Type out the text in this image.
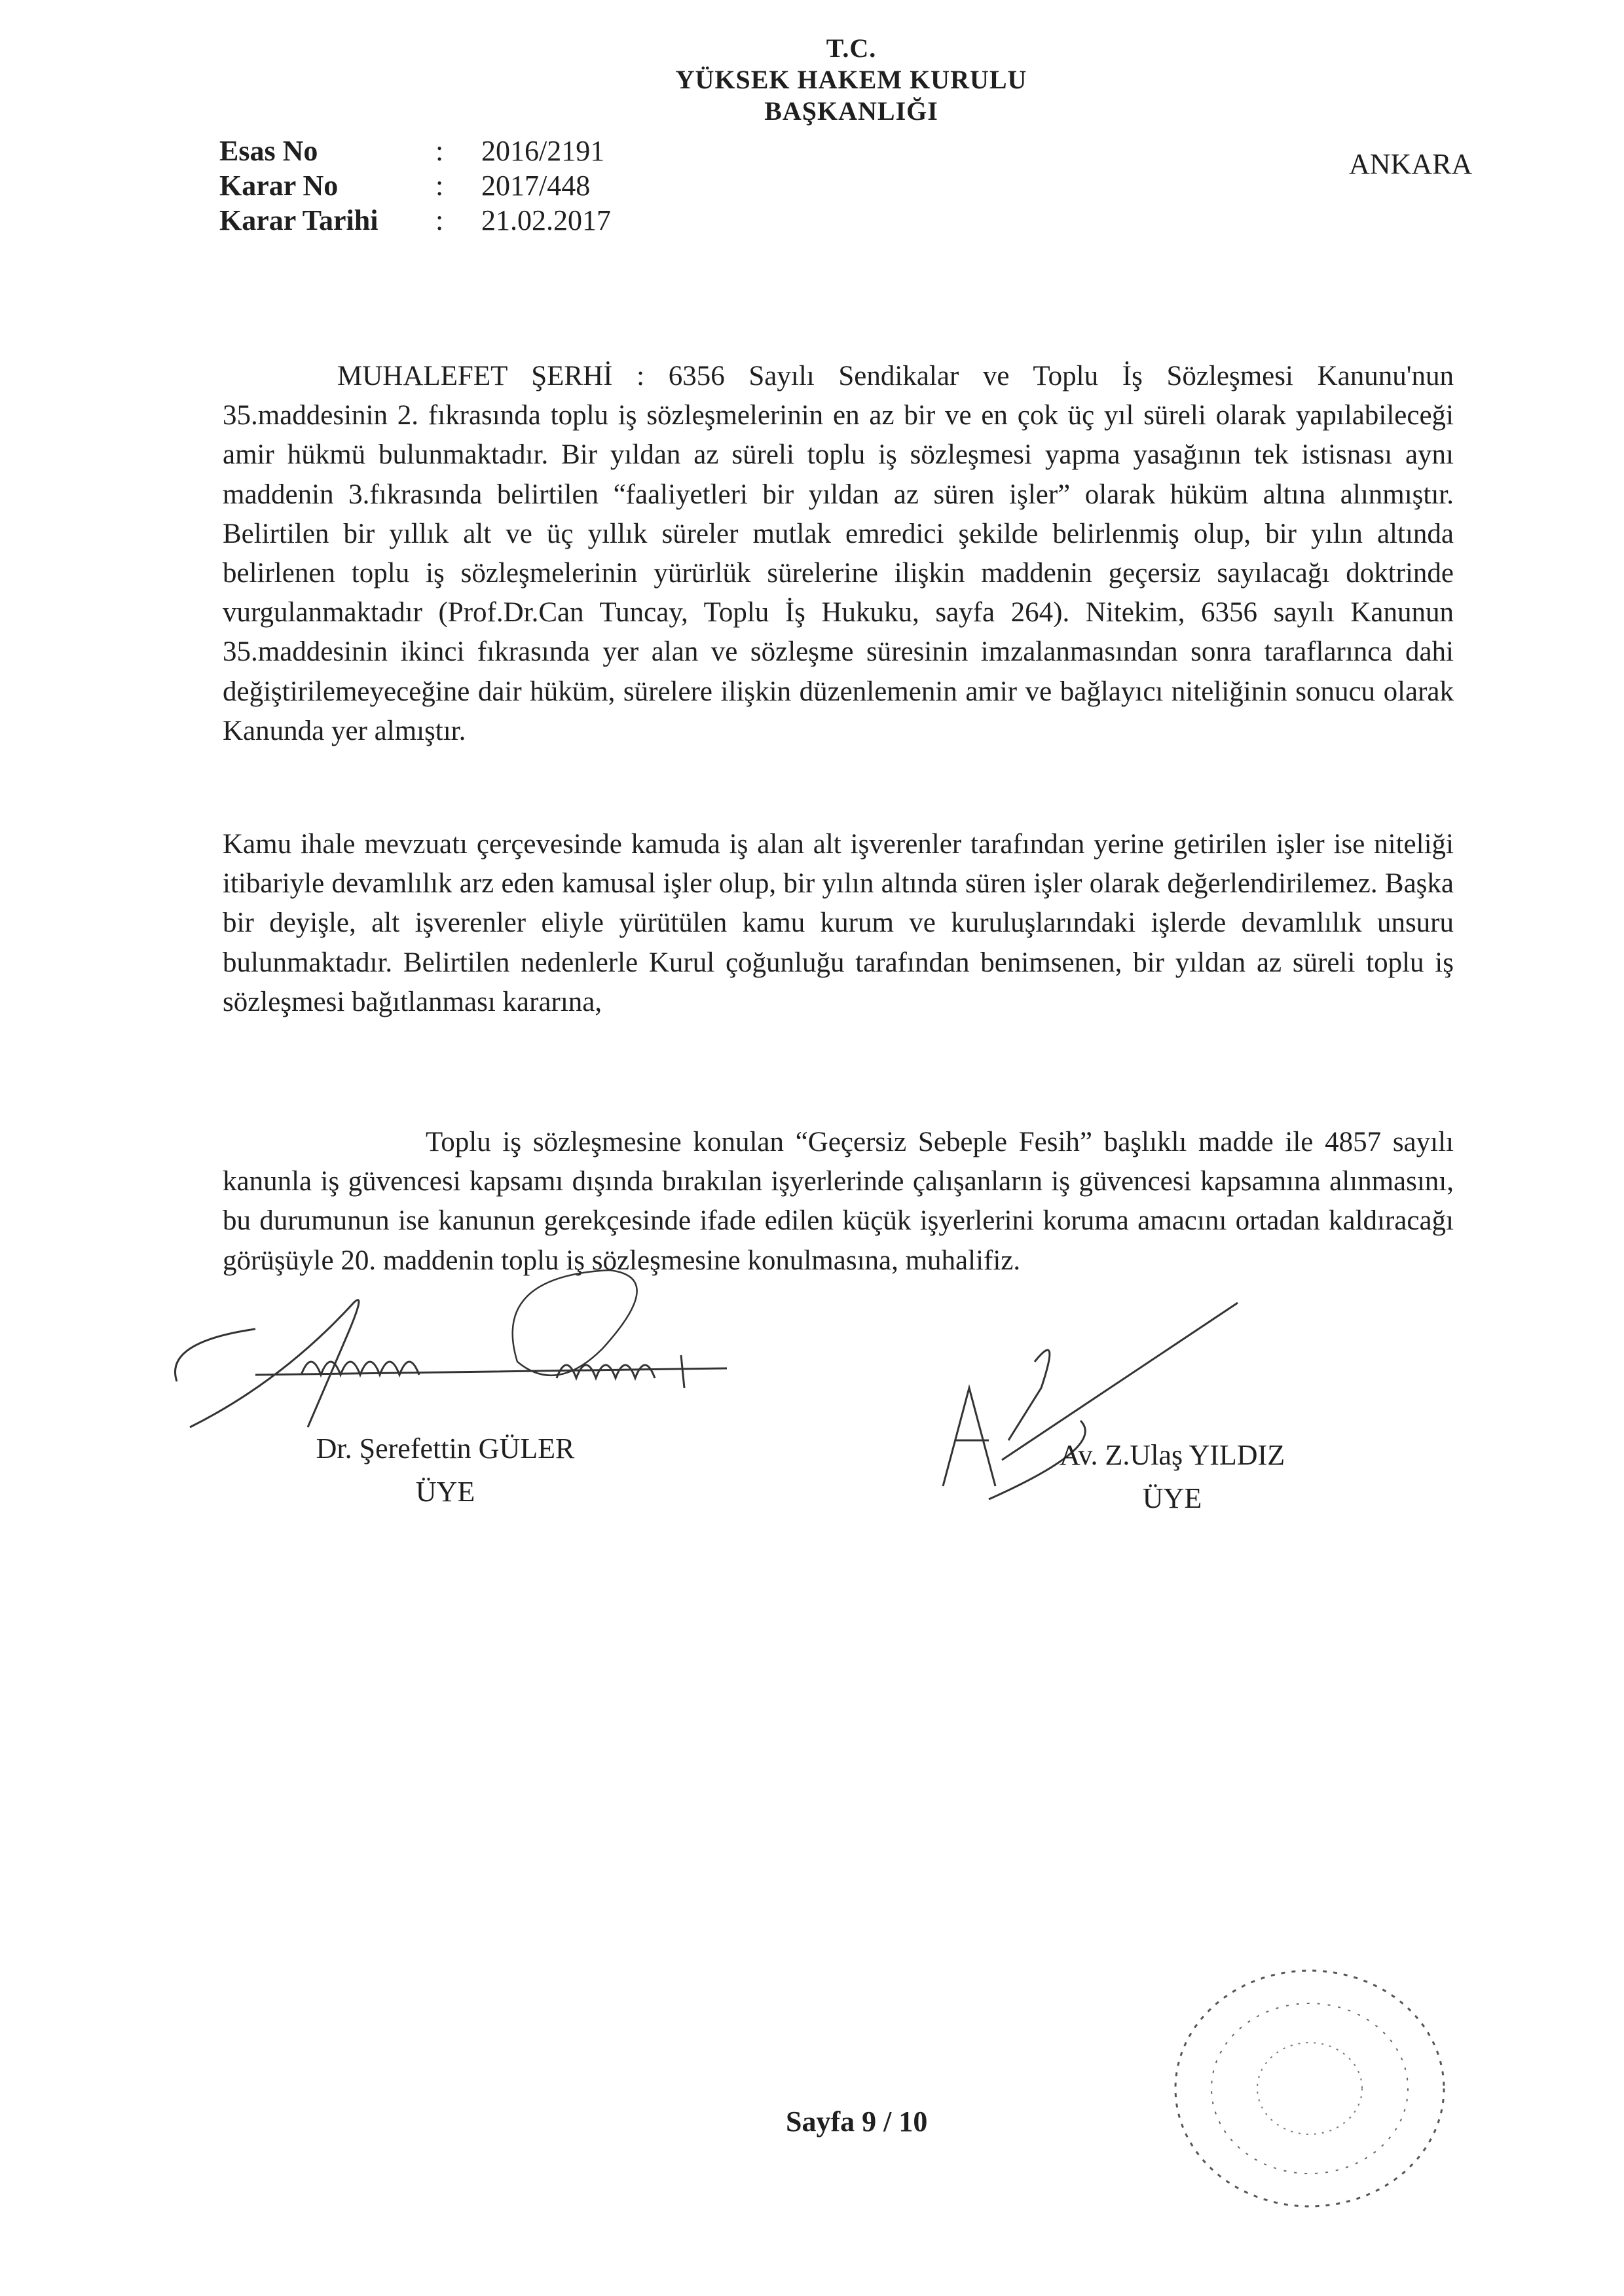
T.C.
YÜKSEK HAKEM KURULU
BAŞKANLIĞI
ANKARA
Esas No	: 2016/2191
Karar No	: 2017/448
Karar Tarihi : 21.02.2017

MUHALEFET ŞERHİ : 6356 Sayılı Sendikalar ve Toplu İş Sözleşmesi Kanunu'nun 35.maddesinin 2. fıkrasında toplu iş sözleşmelerinin en az bir ve en çok üç yıl süreli olarak yapılabileceği amir hükmü bulunmaktadır. Bir yıldan az süreli toplu iş sözleşmesi yapma yasağının tek istisnası aynı maddenin 3.fıkrasında belirtilen “faaliyetleri bir yıldan az süren işler” olarak hüküm altına alınmıştır. Belirtilen bir yıllık alt ve üç yıllık süreler mutlak emredici şekilde belirlenmiş olup, bir yılın altında belirlenen toplu iş sözleşmelerinin yürürlük sürelerine ilişkin maddenin geçersiz sayılacağı doktrinde vurgulanmaktadır (Prof.Dr.Can Tuncay, Toplu İş Hukuku, sayfa 264). Nitekim, 6356 sayılı Kanunun 35.maddesinin ikinci fıkrasında yer alan ve sözleşme süresinin imzalanmasından sonra taraflarınca dahi değiştirilemeyeceğine dair hüküm, sürelere ilişkin düzenlemenin amir ve bağlayıcı niteliğinin sonucu olarak Kanunda yer almıştır.

Kamu ihale mevzuatı çerçevesinde kamuda iş alan alt işverenler tarafından yerine getirilen işler ise niteliği itibariyle devamlılık arz eden kamusal işler olup, bir yılın altında süren işler olarak değerlendirilemez. Başka bir deyişle, alt işverenler eliyle yürütülen kamu kurum ve kuruluşlarındaki işlerde devamlılık unsuru bulunmaktadır. Belirtilen nedenlerle Kurul çoğunluğu tarafından benimsenen, bir yıldan az süreli toplu iş sözleşmesi bağıtlanması kararına,

Toplu iş sözleşmesine konulan “Geçersiz Sebeple Fesih” başlıklı madde ile 4857 sayılı kanunla iş güvencesi kapsamı dışında bırakılan işyerlerinde çalışanların iş güvencesi kapsamına alınmasını, bu durumunun ise kanunun gerekçesinde ifade edilen küçük işyerlerini koruma amacını ortadan kaldıracağı görüşüyle 20. maddenin toplu iş sözleşmesine konulmasına, muhalifiz.

Dr. Şerefettin GÜLER
ÜYE
Av. Z.Ulaş YILDIZ
ÜYE
Sayfa 9 / 10
